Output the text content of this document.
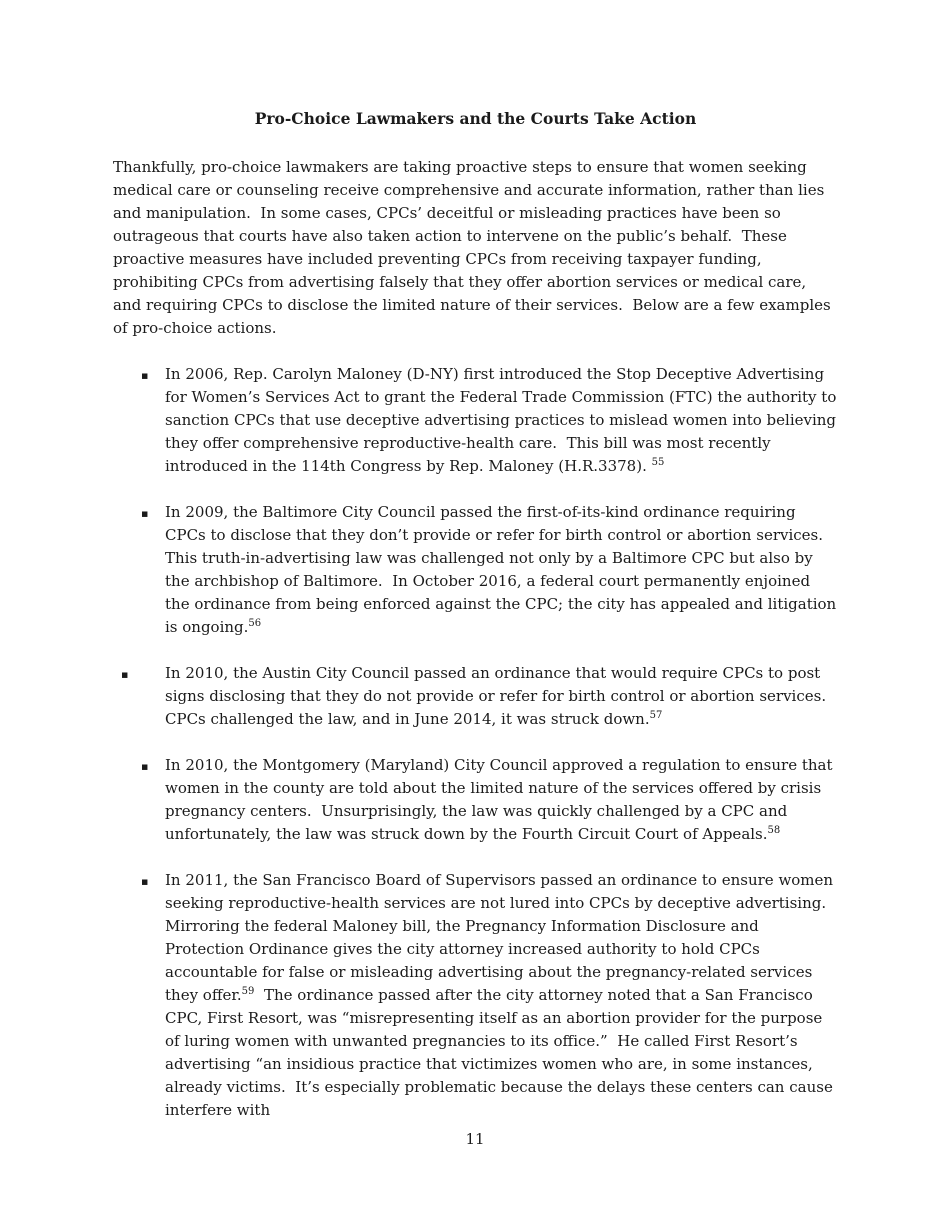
Pro-Choice Lawmakers and the Courts Take Action

Thankfully, pro-choice lawmakers are taking proactive steps to ensure that women seeking medical care or counseling receive comprehensive and accurate information, rather than lies and manipulation.  In some cases, CPCs’ deceitful or misleading practices have been so outrageous that courts have also taken action to intervene on the public’s behalf.  These proactive measures have included preventing CPCs from receiving taxpayer funding, prohibiting CPCs from advertising falsely that they offer abortion services or medical care, and requiring CPCs to disclose the limited nature of their services.  Below are a few examples of pro-choice actions.

▪ In 2006, Rep. Carolyn Maloney (D-NY) first introduced the Stop Deceptive Advertising for Women’s Services Act to grant the Federal Trade Commission (FTC) the authority to sanction CPCs that use deceptive advertising practices to mislead women into believing they offer comprehensive reproductive-health care.  This bill was most recently introduced in the 114th Congress by Rep. Maloney (H.R.3378). $^{55}$
▪ In 2009, the Baltimore City Council passed the first-of-its-kind ordinance requiring CPCs to disclose that they don’t provide or refer for birth control or abortion services.  This truth-in-advertising law was challenged not only by a Baltimore CPC but also by the archbishop of Baltimore.  In October 2016, a federal court permanently enjoined the ordinance from being enforced against the CPC; the city has appealed and litigation is ongoing.$^{56}$
▪ In 2010, the Austin City Council passed an ordinance that would require CPCs to post signs disclosing that they do not provide or refer for birth control or abortion services.  CPCs challenged the law, and in June 2014, it was struck down.$^{57}$
▪ In 2010, the Montgomery (Maryland) City Council approved a regulation to ensure that women in the county are told about the limited nature of the services offered by crisis pregnancy centers.  Unsurprisingly, the law was quickly challenged by a CPC and unfortunately, the law was struck down by the Fourth Circuit Court of Appeals.$^{58}$
▪ In 2011, the San Francisco Board of Supervisors passed an ordinance to ensure women seeking reproductive-health services are not lured into CPCs by deceptive advertising.  Mirroring the federal Maloney bill, the Pregnancy Information Disclosure and Protection Ordinance gives the city attorney increased authority to hold CPCs accountable for false or misleading advertising about the pregnancy-related services they offer.$^{59}$  The ordinance passed after the city attorney noted that a San Francisco CPC, First Resort, was “misrepresenting itself as an abortion provider for the purpose of luring women with unwanted pregnancies to its office.”  He called First Resort’s advertising “an insidious practice that victimizes women who are, in some instances, already victims.  It’s especially problematic because the delays these centers can cause interfere with
11
